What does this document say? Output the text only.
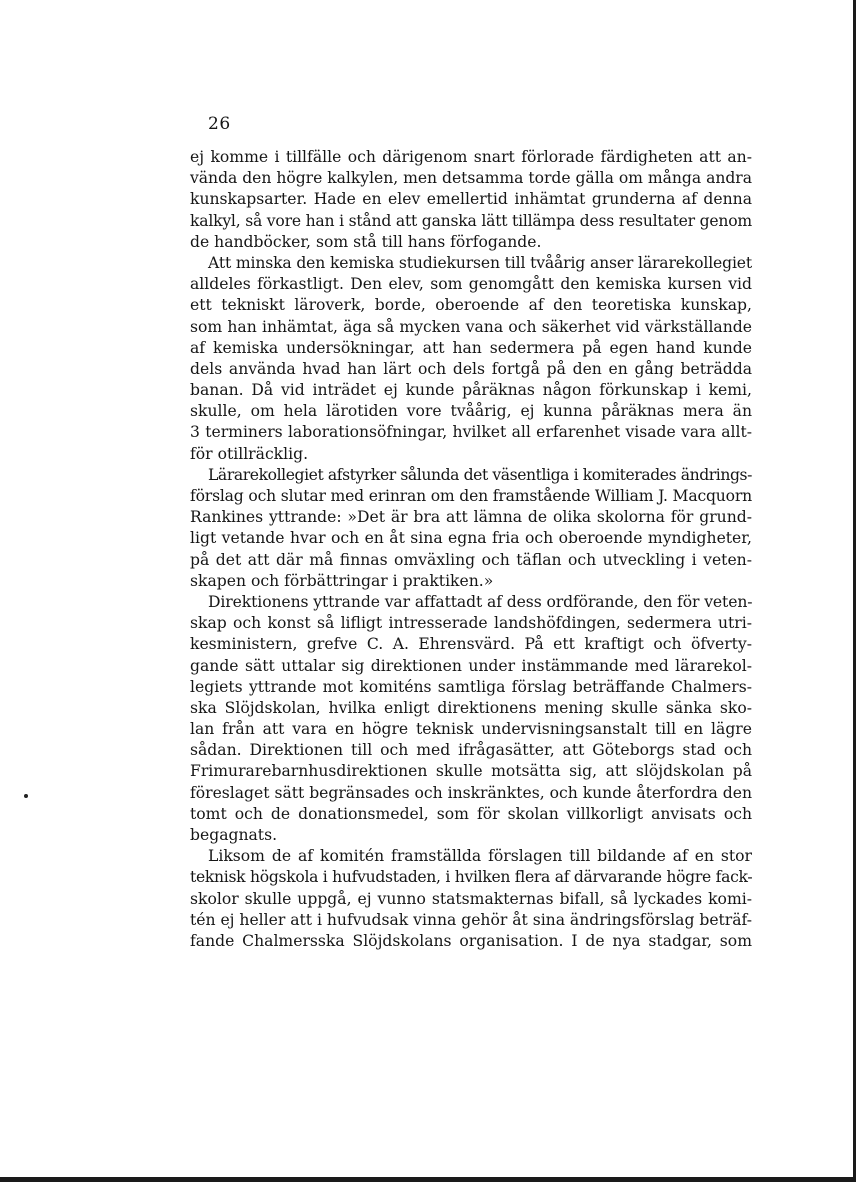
26
ej komme i tillfälle och därigenom snart förlorade färdigheten att an-
vända den högre kalkylen, men detsamma torde gälla om många andra
kunskapsarter. Hade en elev emellertid inhämtat grunderna af denna
kalkyl, så vore han i stånd att ganska lätt tillämpa dess resultater genom
de handböcker, som stå till hans förfogande.
Att minska den kemiska studiekursen till tvåårig anser lärarekollegiet
alldeles förkastligt. Den elev, som genomgått den kemiska kursen vid
ett tekniskt läroverk, borde, oberoende af den teoretiska kunskap,
som han inhämtat, äga så mycken vana och säkerhet vid värkställande
af kemiska undersökningar, att han sedermera på egen hand kunde
dels använda hvad han lärt och dels fortgå på den en gång beträdda
banan. Då vid inträdet ej kunde påräknas någon förkunskap i kemi,
skulle, om hela lärotiden vore tvåårig, ej kunna påräknas mera än
3 terminers laborationsöfningar, hvilket all erfarenhet visade vara allt-
för otillräcklig.
Lärarekollegiet afstyrker sålunda det väsentliga i komiterades ändrings-
förslag och slutar med erinran om den framstående William J. Macquorn
Rankines yttrande: »Det är bra att lämna de olika skolorna för grund-
ligt vetande hvar och en åt sina egna fria och oberoende myndigheter,
på det att där må finnas omväxling och täflan och utveckling i veten-
skapen och förbättringar i praktiken.»
Direktionens yttrande var affattadt af dess ordförande, den för veten-
skap och konst så lifligt intresserade landshöfdingen, sedermera utri-
kesministern, grefve C. A. Ehrensvärd. På ett kraftigt och öfverty-
gande sätt uttalar sig direktionen under instämmande med lärarekol-
legiets yttrande mot komiténs samtliga förslag beträffande Chalmers-
ska Slöjdskolan, hvilka enligt direktionens mening skulle sänka sko-
lan från att vara en högre teknisk undervisningsanstalt till en lägre
sådan. Direktionen till och med ifrågasätter, att Göteborgs stad och
Frimurarebarnhusdirektionen skulle motsätta sig, att slöjdskolan på
föreslaget sätt begränsades och inskränktes, och kunde återfordra den
tomt och de donationsmedel, som för skolan villkorligt anvisats och
begagnats.
Liksom de af komitén framställda förslagen till bildande af en stor
teknisk högskola i hufvudstaden, i hvilken flera af därvarande högre fack-
skolor skulle uppgå, ej vunno statsmakternas bifall, så lyckades komi-
tén ej heller att i hufvudsak vinna gehör åt sina ändringsförslag beträf-
fande Chalmersska Slöjdskolans organisation. I de nya stadgar, som
